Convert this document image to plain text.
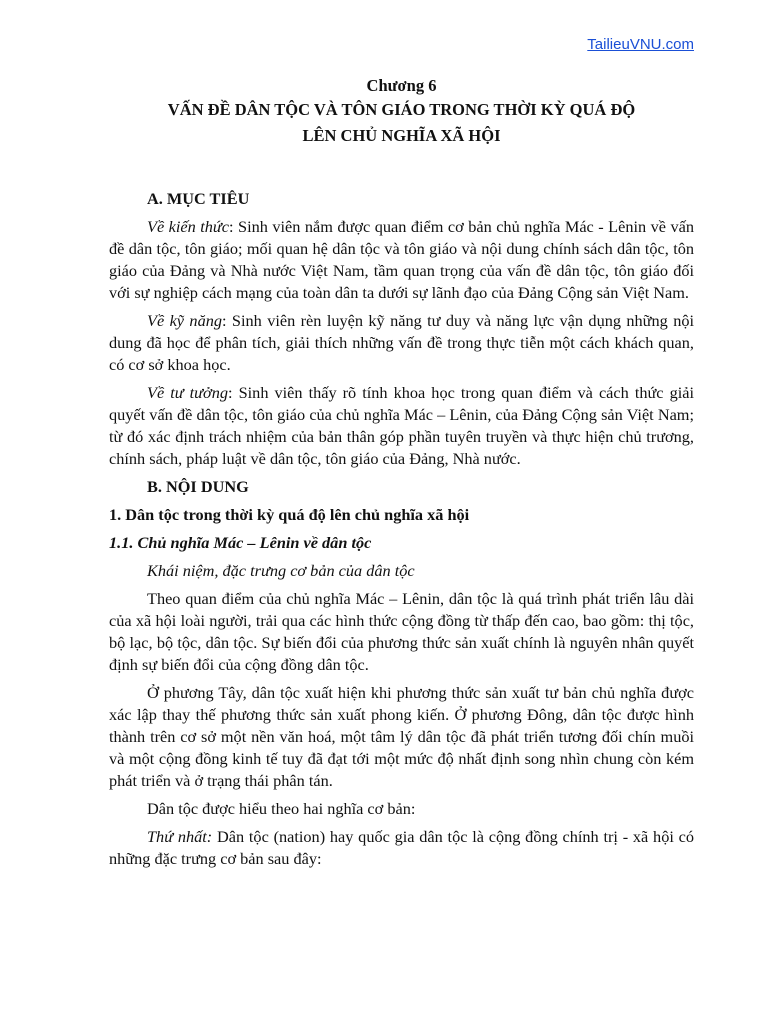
TailieuVNU.com
Chương 6
VẤN ĐỀ DÂN TỘC VÀ TÔN GIÁO TRONG THỜI KỲ QUÁ ĐỘ
LÊN CHỦ NGHĨA XÃ HỘI
A. MỤC TIÊU

Về kiến thức: Sinh viên nắm được quan điểm cơ bản chủ nghĩa Mác - Lênin về vấn đề dân tộc, tôn giáo; mối quan hệ dân tộc và tôn giáo và nội dung chính sách dân tộc, tôn giáo của Đảng và Nhà nước Việt Nam, tầm quan trọng của vấn đề dân tộc, tôn giáo đối với sự nghiệp cách mạng của toàn dân ta dưới sự lãnh đạo của Đảng Cộng sản Việt Nam.

Về kỹ năng: Sinh viên rèn luyện kỹ năng tư duy và năng lực vận dụng những nội dung đã học để phân tích, giải thích những vấn đề trong thực tiễn một cách khách quan, có cơ sở khoa học.

Về tư tưởng: Sinh viên thấy rõ tính khoa học trong quan điểm và cách thức giải quyết vấn đề dân tộc, tôn giáo của chủ nghĩa Mác – Lênin, của Đảng Cộng sản Việt Nam; từ đó xác định trách nhiệm của bản thân góp phần tuyên truyền và thực hiện chủ trương, chính sách, pháp luật về dân tộc, tôn giáo của Đảng, Nhà nước.

B. NỘI DUNG
1. Dân tộc trong thời kỳ quá độ lên chủ nghĩa xã hội
1.1. Chủ nghĩa Mác – Lênin về dân tộc
Khái niệm, đặc trưng cơ bản của dân tộc

Theo quan điểm của chủ nghĩa Mác – Lênin, dân tộc là quá trình phát triển lâu dài của xã hội loài người, trải qua các hình thức cộng đồng từ thấp đến cao, bao gồm: thị tộc, bộ lạc, bộ tộc, dân tộc. Sự biến đổi của phương thức sản xuất chính là nguyên nhân quyết định sự biến đổi của cộng đồng dân tộc.

Ở phương Tây, dân tộc xuất hiện khi phương thức sản xuất tư bản chủ nghĩa được xác lập thay thế phương thức sản xuất phong kiến. Ở phương Đông, dân tộc được hình thành trên cơ sở một nền văn hoá, một tâm lý dân tộc đã phát triển tương đối chín muồi và một cộng đồng kinh tế tuy đã đạt tới một mức độ nhất định song nhìn chung còn kém phát triển và ở trạng thái phân tán.

Dân tộc được hiểu theo hai nghĩa cơ bản:

Thứ nhất: Dân tộc (nation) hay quốc gia dân tộc là cộng đồng chính trị - xã hội có những đặc trưng cơ bản sau đây:
